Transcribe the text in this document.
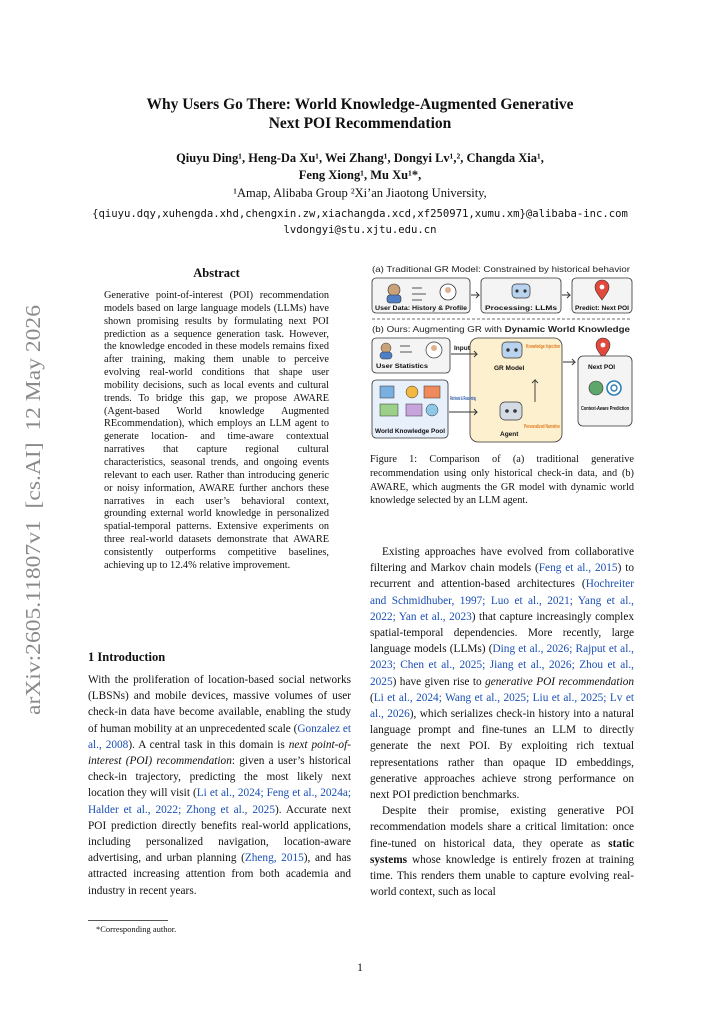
arXiv:2605.11807v1  [cs.AI]  12 May 2026
Why Users Go There: World Knowledge-Augmented Generative
Next POI Recommendation
Qiuyu Ding¹, Heng-Da Xu¹, Wei Zhang¹, Dongyi Lv¹,², Changda Xia¹,
Feng Xiong¹, Mu Xu¹*,
¹Amap, Alibaba Group ²Xi’an Jiaotong University,
{qiuyu.dqy,xuhengda.xhd,chengxin.zw,xiachangda.xcd,xf250971,xumu.xm}@alibaba-inc.com
lvdongyi@stu.xjtu.edu.cn
Abstract
Generative point-of-interest (POI) recommendation models based on large language models (LLMs) have shown promising results by formulating next POI prediction as a sequence generation task. However, the knowledge encoded in these models remains fixed after training, making them unable to perceive evolving real-world conditions that shape user mobility decisions, such as local events and cultural trends. To bridge this gap, we propose AWARE (Agent-based World knowledge Augmented REcommendation), which employs an LLM agent to generate location- and time-aware contextual narratives that capture regional cultural characteristics, seasonal trends, and ongoing events relevant to each user. Rather than introducing generic or noisy information, AWARE further anchors these narratives in each user’s behavioral context, grounding external world knowledge in personalized spatial-temporal patterns. Extensive experiments on three real-world datasets demonstrate that AWARE consistently outperforms competitive baselines, achieving up to 12.4% relative improvement.
1 Introduction
With the proliferation of location-based social networks (LBSNs) and mobile devices, massive volumes of user check-in data have become available, enabling the study of human mobility at an unprecedented scale (Gonzalez et al., 2008). A central task in this domain is next point-of-interest (POI) recommendation: given a user’s historical check-in trajectory, predicting the most likely next location they will visit (Li et al., 2024; Feng et al., 2024a; Halder et al., 2022; Zhong et al., 2025). Accurate next POI prediction directly benefits real-world applications, including personalized navigation, location-aware advertising, and urban planning (Zheng, 2015), and has attracted increasing attention from both academia and industry in recent years.
*Corresponding author.
1
(a) Traditional GR Model: Constrained by historical behavior
User Data: History & Profile	Processing: LLMs	Predict: Next POI
(b) Ours: Augmenting GR with Dynamic World Knowledge
User Statistics
Input	Knowledge Injection
GR Model	Next POI
Context-Aware Prediction
World Knowledge Pool
Retrieval & Reasoning
Agent
Personalized Narrative
Figure 1: Comparison of (a) traditional generative recommendation using only historical check-in data, and (b) AWARE, which augments the GR model with dynamic world knowledge selected by an LLM agent.

Existing approaches have evolved from collaborative filtering and Markov chain models (Feng et al., 2015) to recurrent and attention-based architectures (Hochreiter and Schmidhuber, 1997; Luo et al., 2021; Yang et al., 2022; Yan et al., 2023) that capture increasingly complex spatial-temporal dependencies. More recently, large language models (LLMs) (Ding et al., 2026; Rajput et al., 2023; Chen et al., 2025; Jiang et al., 2026; Zhou et al., 2025) have given rise to generative POI recommendation (Li et al., 2024; Wang et al., 2025; Liu et al., 2025; Lv et al., 2026), which serializes check-in history into a natural language prompt and fine-tunes an LLM to directly generate the next POI. By exploiting rich textual representations rather than opaque ID embeddings, generative approaches achieve strong performance on next POI prediction benchmarks.

Despite their promise, existing generative POI recommendation models share a critical limitation: once fine-tuned on historical data, they operate as static systems whose knowledge is entirely frozen at training time. This renders them unable to capture evolving real-world context, such as local
